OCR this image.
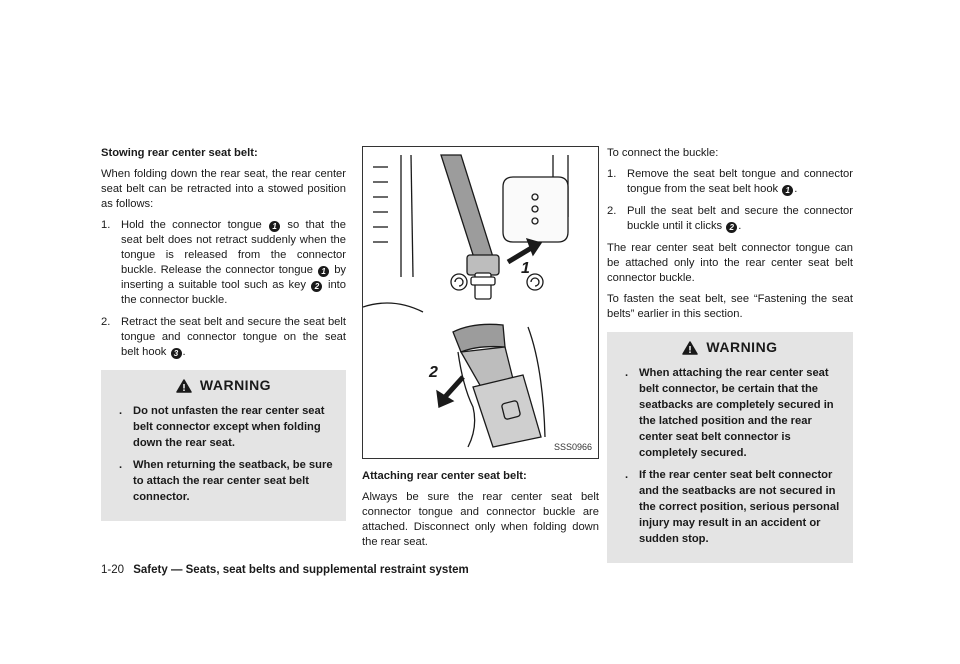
Stowing rear center seat belt:
When folding down the rear seat, the rear center seat belt can be retracted into a stowed position as follows:
1. Hold the connector tongue 1 so that the seat belt does not retract suddenly when the tongue is released from the connector buckle. Release the connector tongue 1 by inserting a suitable tool such as key 2 into the connector buckle.
2. Retract the seat belt and secure the seat belt tongue and connector tongue on the seat belt hook 3 .
WARNING
. Do not unfasten the rear center seat belt connector except when folding down the rear seat.
. When returning the seatback, be sure to attach the rear center seat belt connector.
1
2
SSS0966
Attaching rear center seat belt:
Always be sure the rear center seat belt connector tongue and connector buckle are attached. Disconnect only when folding down the rear seat.
To connect the buckle:
1. Remove the seat belt tongue and connector tongue from the seat belt hook 1 .
2. Pull the seat belt and secure the connector buckle until it clicks 2 .
The rear center seat belt connector tongue can be attached only into the rear center seat belt connector buckle.
To fasten the seat belt, see “Fastening the seat belts” earlier in this section.
WARNING
. When attaching the rear center seat belt connector, be certain that the seatbacks are completely secured in the latched position and the rear center seat belt connector is completely secured.
. If the rear center seat belt connector and the seatbacks are not secured in the correct position, serious personal injury may result in an accident or sudden stop.
1-20 Safety — Seats, seat belts and supplemental restraint system
